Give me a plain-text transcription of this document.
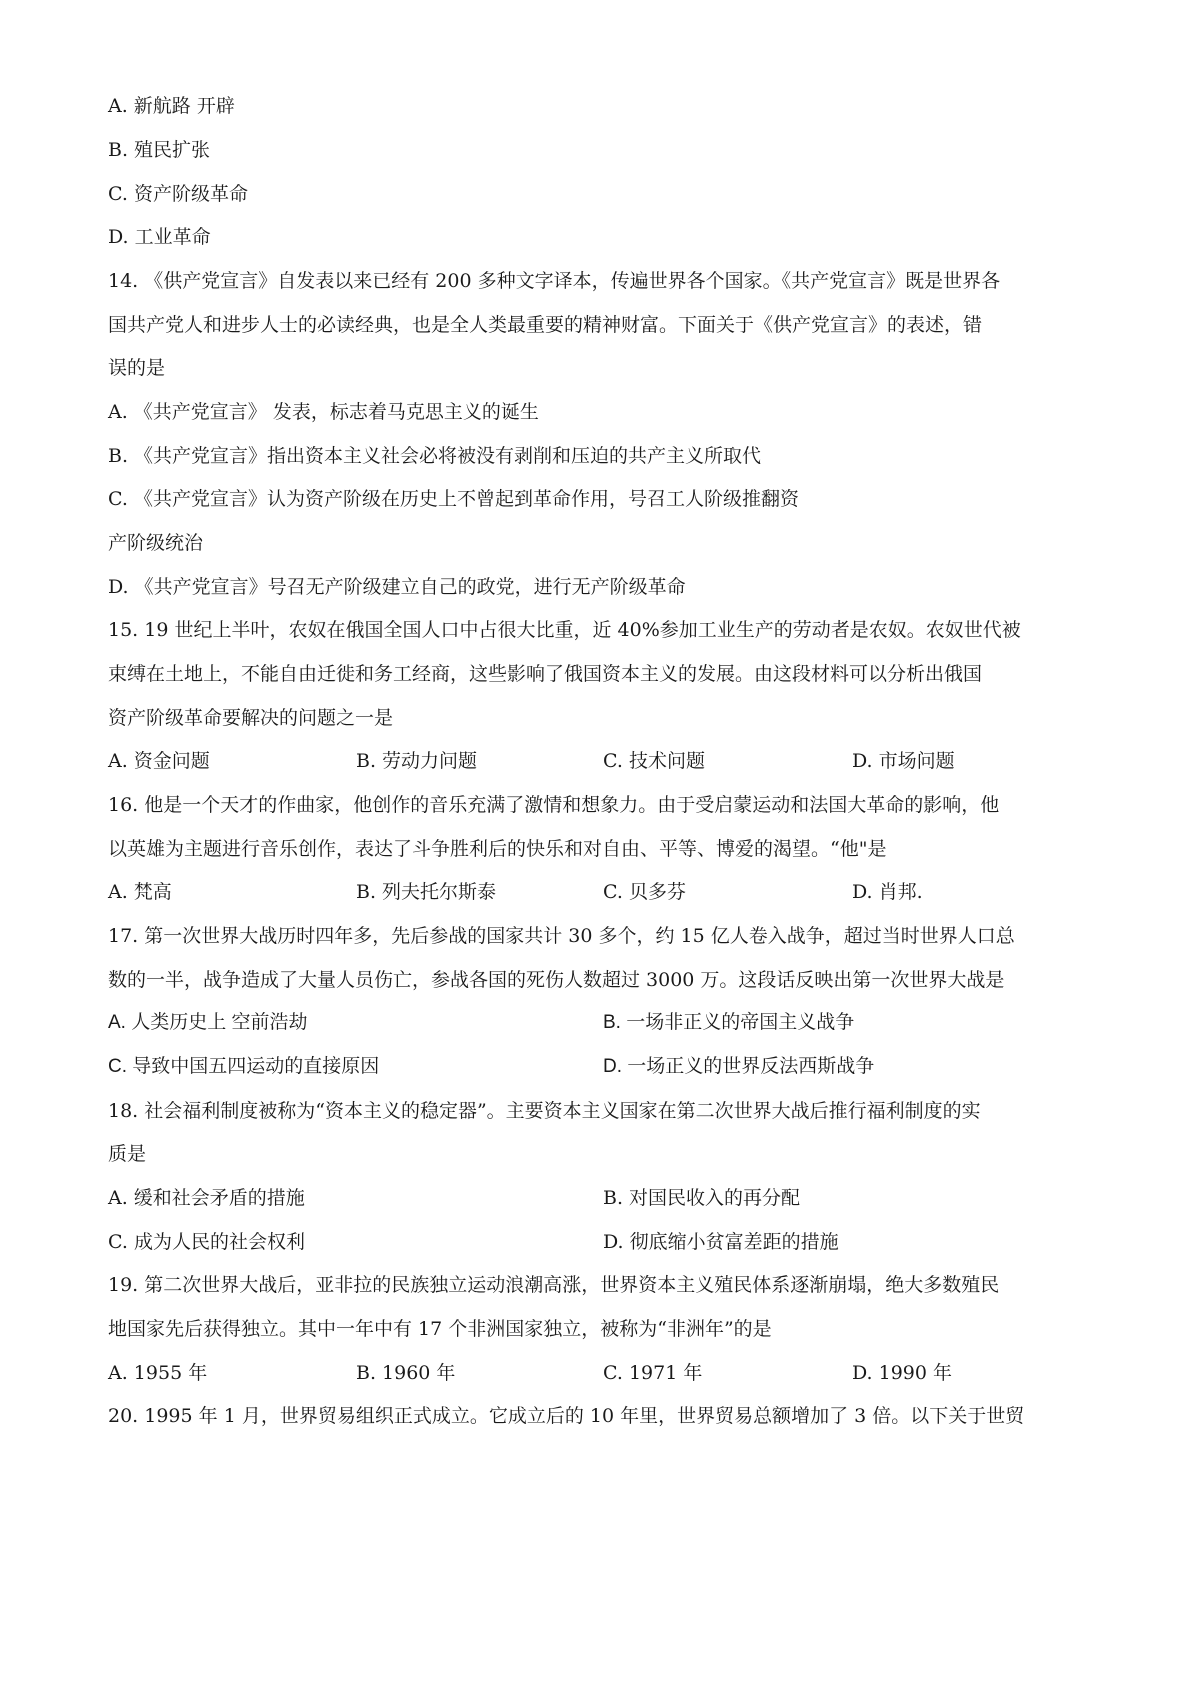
A. 新航路 开辟
B. 殖民扩张
C. 资产阶级革命
D. 工业革命
14. 《供产党宣言》自发表以来已经有 200 多种文字译本，传遍世界各个国家。《共产党宣言》既是世界各
国共产党人和进步人士的必读经典，也是全人类最重要的精神财富。下面关于《供产党宣言》的表述，错
误的是
A. 《共产党宣言》 发表，标志着马克思主义的诞生
B. 《共产党宣言》指出资本主义社会必将被没有剥削和压迫的共产主义所取代
C. 《共产党宣言》认为资产阶级在历史上不曾起到革命作用，号召工人阶级推翻资
产阶级统治
D. 《共产党宣言》号召无产阶级建立自己的政党，进行无产阶级革命
15. 19 世纪上半叶，农奴在俄国全国人口中占很大比重，近 40%参加工业生产的劳动者是农奴。农奴世代被
束缚在土地上，不能自由迁徙和务工经商，这些影响了俄国资本主义的发展。由这段材料可以分析出俄国
资产阶级革命要解决的问题之一是
A. 资金问题	B. 劳动力问题	C. 技术问题	D. 市场问题
16. 他是一个天才的作曲家，他创作的音乐充满了激情和想象力。由于受启蒙运动和法国大革命的影响，他
以英雄为主题进行音乐创作，表达了斗争胜利后的快乐和对自由、平等、博爱的渴望。“他"是
A. 梵高	B. 列夫托尔斯泰	C. 贝多芬	D. 肖邦.
17. 第一次世界大战历时四年多，先后参战的国家共计 30 多个，约 15 亿人卷入战争，超过当时世界人口总
数的一半，战争造成了大量人员伤亡，参战各国的死伤人数超过 3000 万。这段话反映出第一次世界大战是
A. 人类历史上 空前浩劫	B. 一场非正义的帝国主义战争
C. 导致中国五四运动的直接原因	D. 一场正义的世界反法西斯战争
18. 社会福利制度被称为“资本主义的稳定器”。主要资本主义国家在第二次世界大战后推行福利制度的实
质是
A. 缓和社会矛盾的措施	B. 对国民收入的再分配
C. 成为人民的社会权利	D. 彻底缩小贫富差距的措施
19. 第二次世界大战后，亚非拉的民族独立运动浪潮高涨，世界资本主义殖民体系逐渐崩塌，绝大多数殖民
地国家先后获得独立。其中一年中有 17 个非洲国家独立，被称为“非洲年”的是
A. 1955 年	B. 1960 年	C. 1971 年	D. 1990 年
20. 1995 年 1 月，世界贸易组织正式成立。它成立后的 10 年里，世界贸易总额增加了 3 倍。以下关于世贸
